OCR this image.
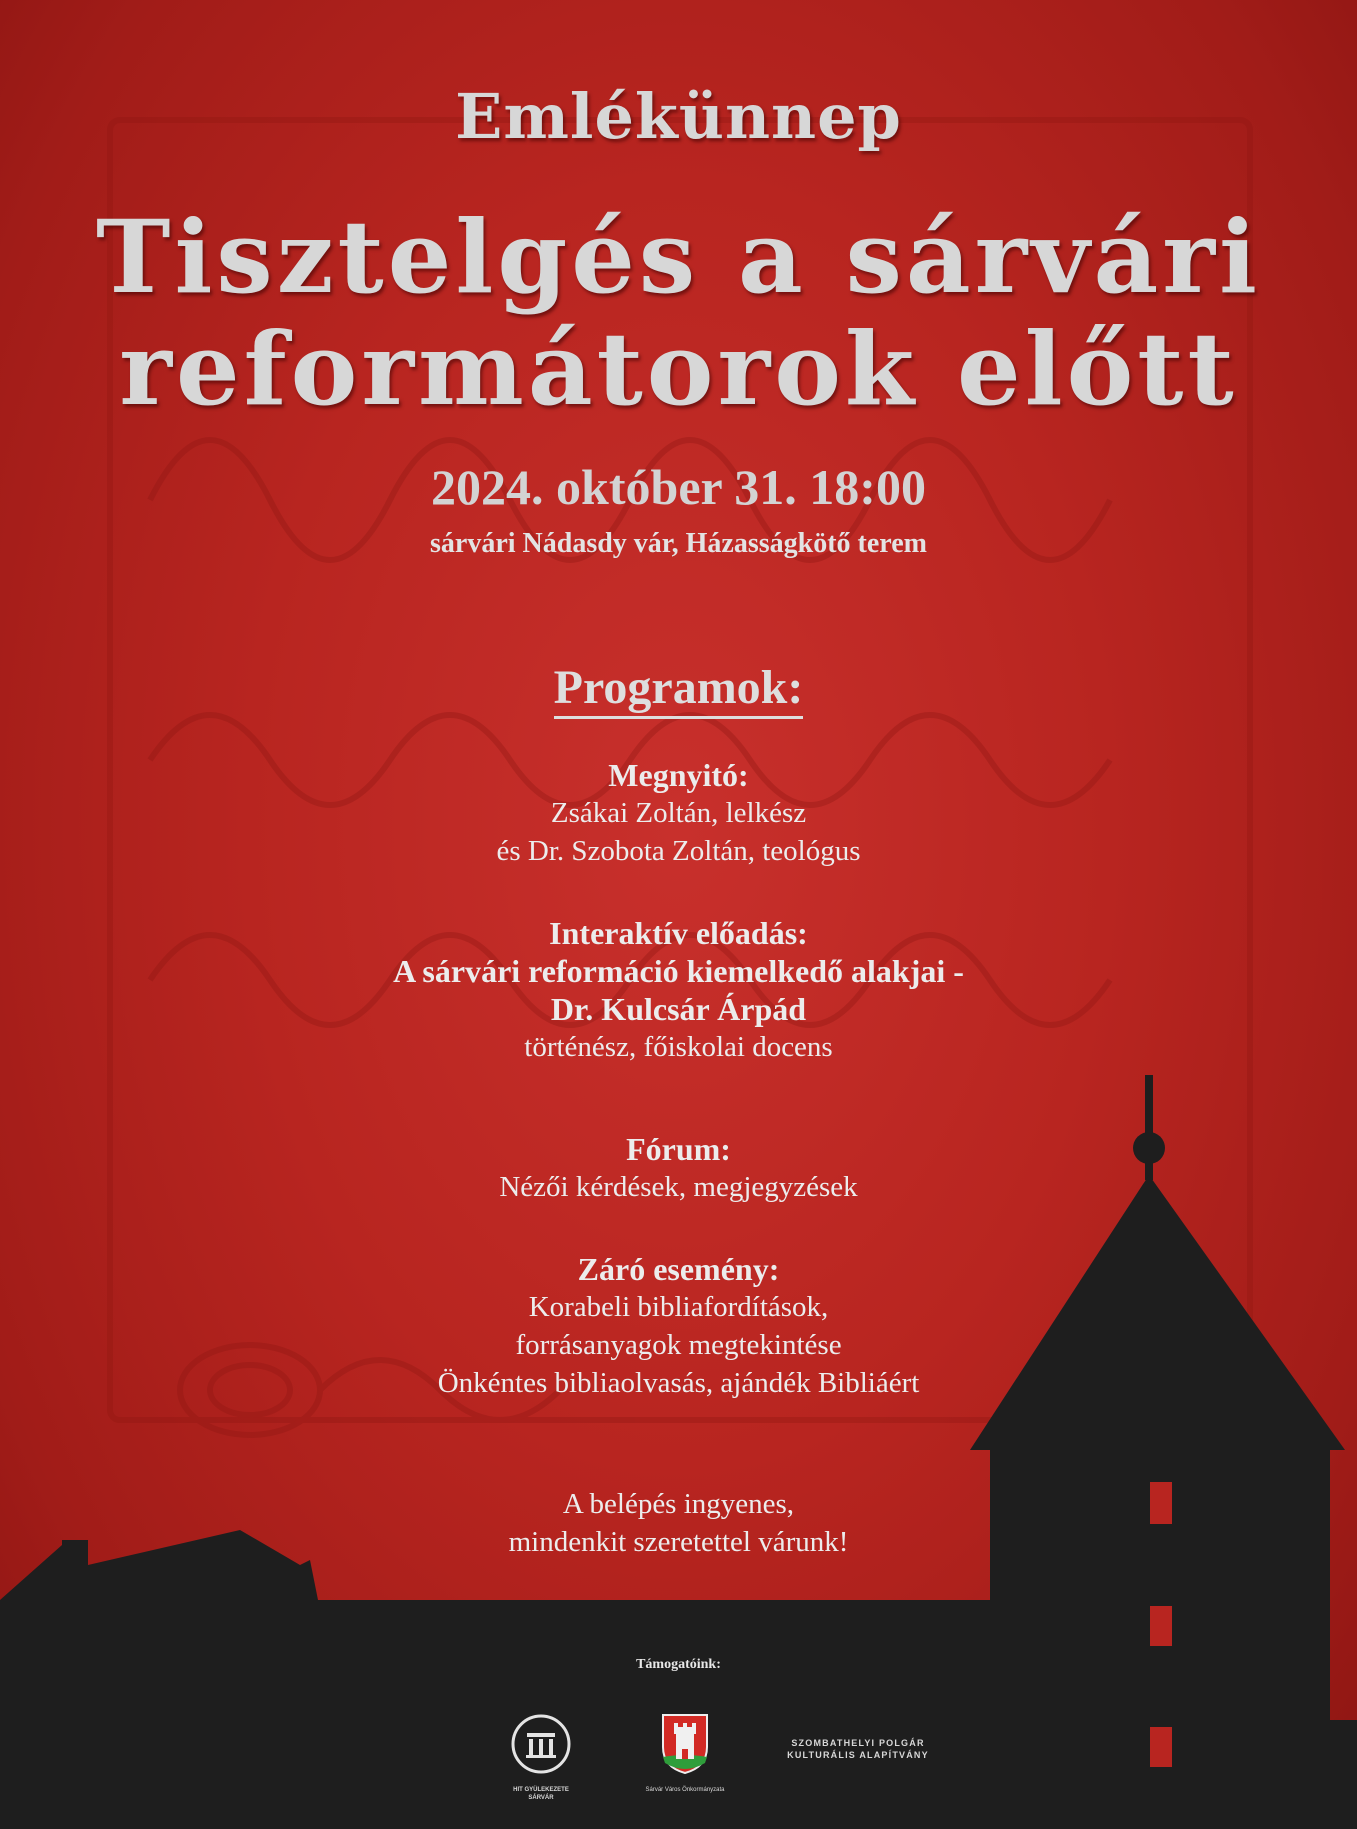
Emlékünnep
Tisztelgés a sárvári
reformátorok előtt
2024. október 31. 18:00
sárvári Nádasdy vár, Házasságkötő terem
Programok:
Megnyitó:
Zsákai Zoltán, lelkész
és Dr. Szobota Zoltán, teológus
Interaktív előadás:
A sárvári reformáció kiemelkedő alakjai -
Dr. Kulcsár Árpád
történész, főiskolai docens
Fórum:
Nézői kérdések, megjegyzések
Záró esemény:
Korabeli bibliafordítások,
forrásanyagok megtekintése
Önkéntes bibliaolvasás, ajándék Bibliáért
A belépés ingyenes,
mindenkit szeretettel várunk!
Támogatóink:
HIT GYÜLEKEZETE
SÁRVÁR
Sárvár Város Önkormányzata
SZOMBATHELYI POLGÁR
KULTURÁLIS ALAPÍTVÁNY
